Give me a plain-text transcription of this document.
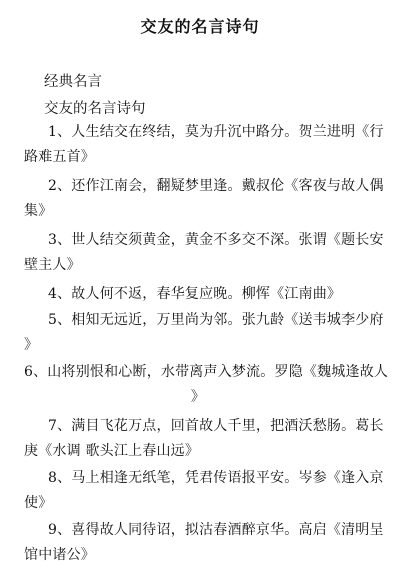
交友的名言诗句
经典名言
交友的名言诗句
1、人生结交在终结，莫为升沉中路分。贺兰进明《行
路难五首》
2、还作江南会，翻疑梦里逢。戴叔伦《客夜与故人偶
集》
3、世人结交须黄金，黄金不多交不深。张谓《题长安
壁主人》
4、故人何不返，春华复应晚。柳恽《江南曲》
5、相知无远近，万里尚为邻。张九龄《送韦城李少府
》
6、山将别恨和心断，水带离声入梦流。罗隐《魏城逢故人
》
7、满目飞花万点，回首故人千里，把酒沃愁肠。葛长
庚《水调 歌头江上春山远》
8、马上相逢无纸笔，凭君传语报平安。岑参《逢入京
使》
9、喜得故人同待诏，拟沽春酒醉京华。高启《清明呈
馆中诸公》
